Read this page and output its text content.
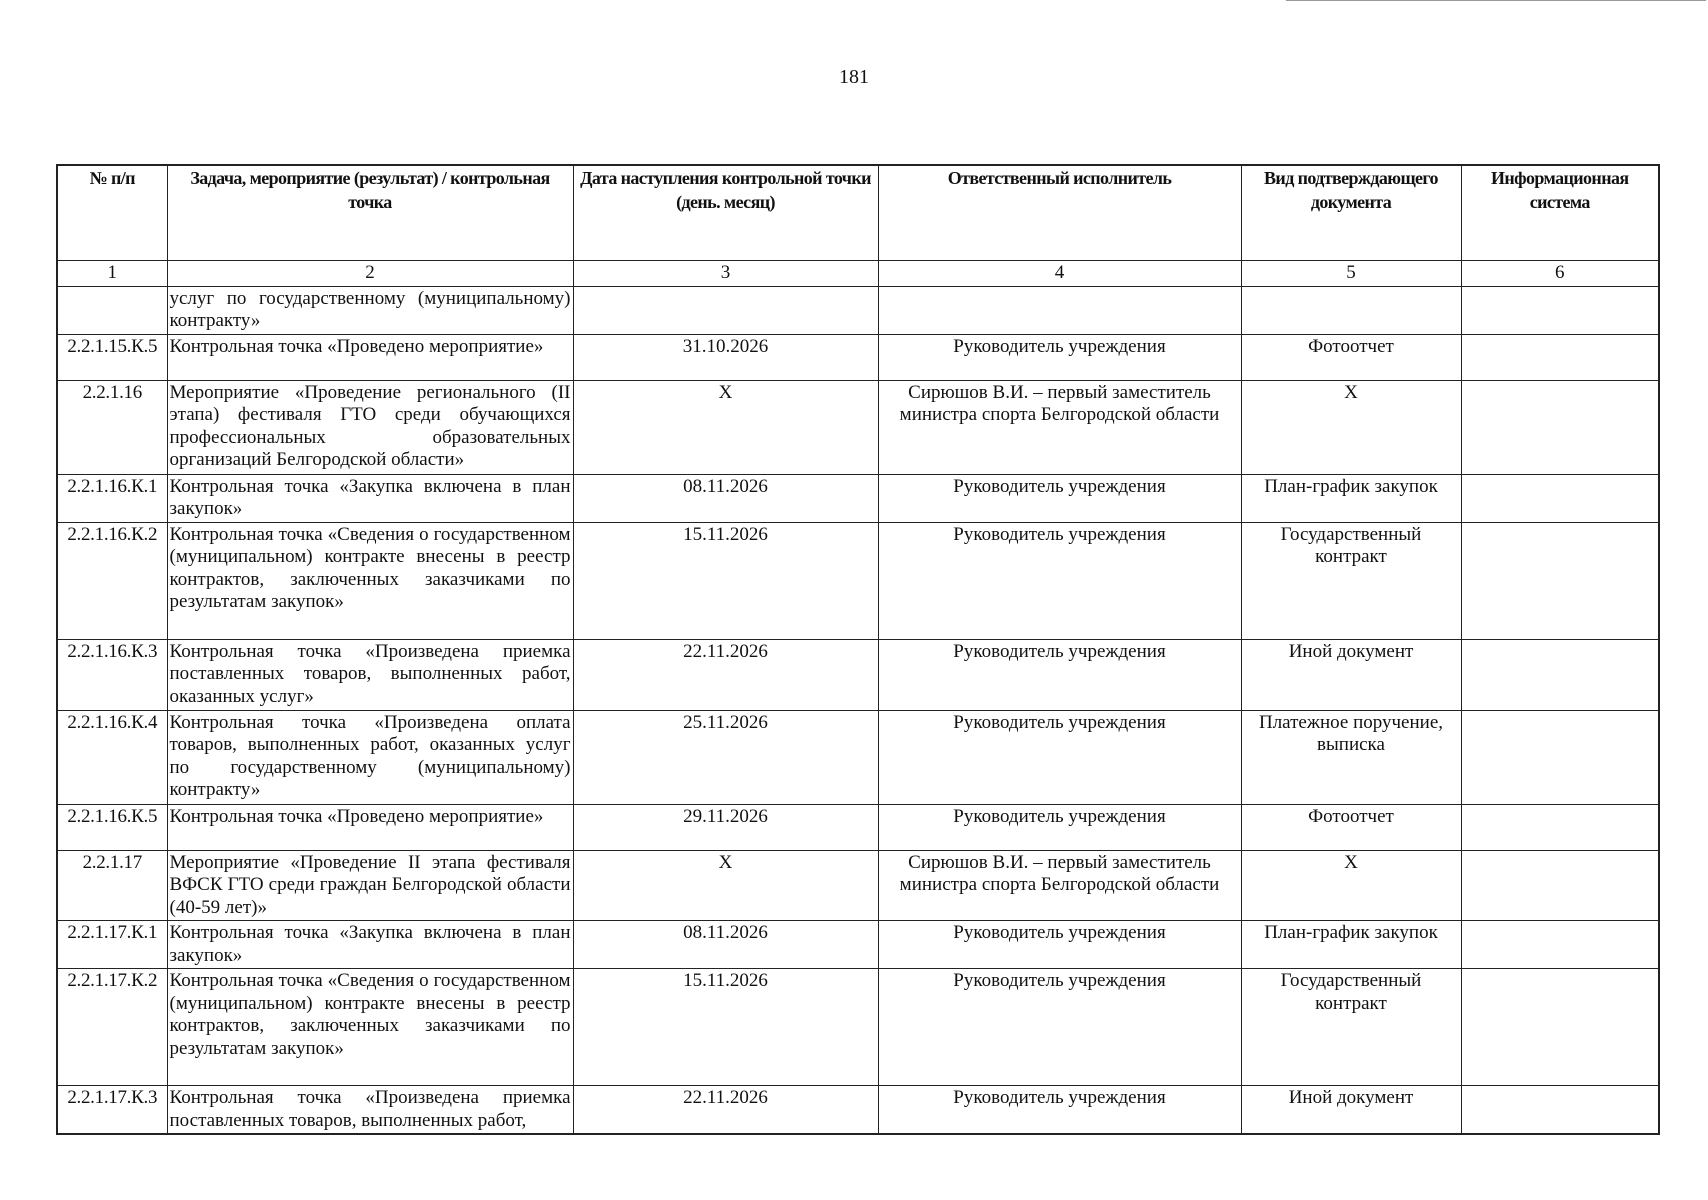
181
№ п/п	Задача, мероприятие (результат) / контрольная точка	Дата наступления контрольной точки (день. месяц)	Ответственный исполнитель	Вид подтверждающего документа	Информационная система
1	2	3	4	5	6
	услуг по государственному (муниципальному) контракту»				
2.2.1.15.К.5	Контрольная точка «Проведено мероприятие»	31.10.2026	Руководитель учреждения	Фотоотчет	
2.2.1.16	Мероприятие «Проведение регионального (II этапа) фестиваля ГТО среди обучающихся профессиональных образовательных организаций Белгородской области»	X	Сирюшов В.И. – первый заместитель министра спорта Белгородской области	X	
2.2.1.16.К.1	Контрольная точка «Закупка включена в план закупок»	08.11.2026	Руководитель учреждения	План-график закупок	
2.2.1.16.К.2	Контрольная точка «Сведения о государственном (муниципальном) контракте внесены в реестр контрактов, заключенных заказчиками по результатам закупок»	15.11.2026	Руководитель учреждения	Государственный контракт	
2.2.1.16.К.3	Контрольная точка «Произведена приемка поставленных товаров, выполненных работ, оказанных услуг»	22.11.2026	Руководитель учреждения	Иной документ	
2.2.1.16.К.4	Контрольная точка «Произведена оплата товаров, выполненных работ, оказанных услуг по государственному (муниципальному) контракту»	25.11.2026	Руководитель учреждения	Платежное поручение, выписка	
2.2.1.16.К.5	Контрольная точка «Проведено мероприятие»	29.11.2026	Руководитель учреждения	Фотоотчет	
2.2.1.17	Мероприятие «Проведение II этапа фестиваля ВФСК ГТО среди граждан Белгородской области (40-59 лет)»	X	Сирюшов В.И. – первый заместитель министра спорта Белгородской области	X	
2.2.1.17.К.1	Контрольная точка «Закупка включена в план закупок»	08.11.2026	Руководитель учреждения	План-график закупок	
2.2.1.17.К.2	Контрольная точка «Сведения о государственном (муниципальном) контракте внесены в реестр контрактов, заключенных заказчиками по результатам закупок»	15.11.2026	Руководитель учреждения	Государственный контракт	
2.2.1.17.К.3	Контрольная точка «Произведена приемка поставленных товаров, выполненных работ,	22.11.2026	Руководитель учреждения	Иной документ	
